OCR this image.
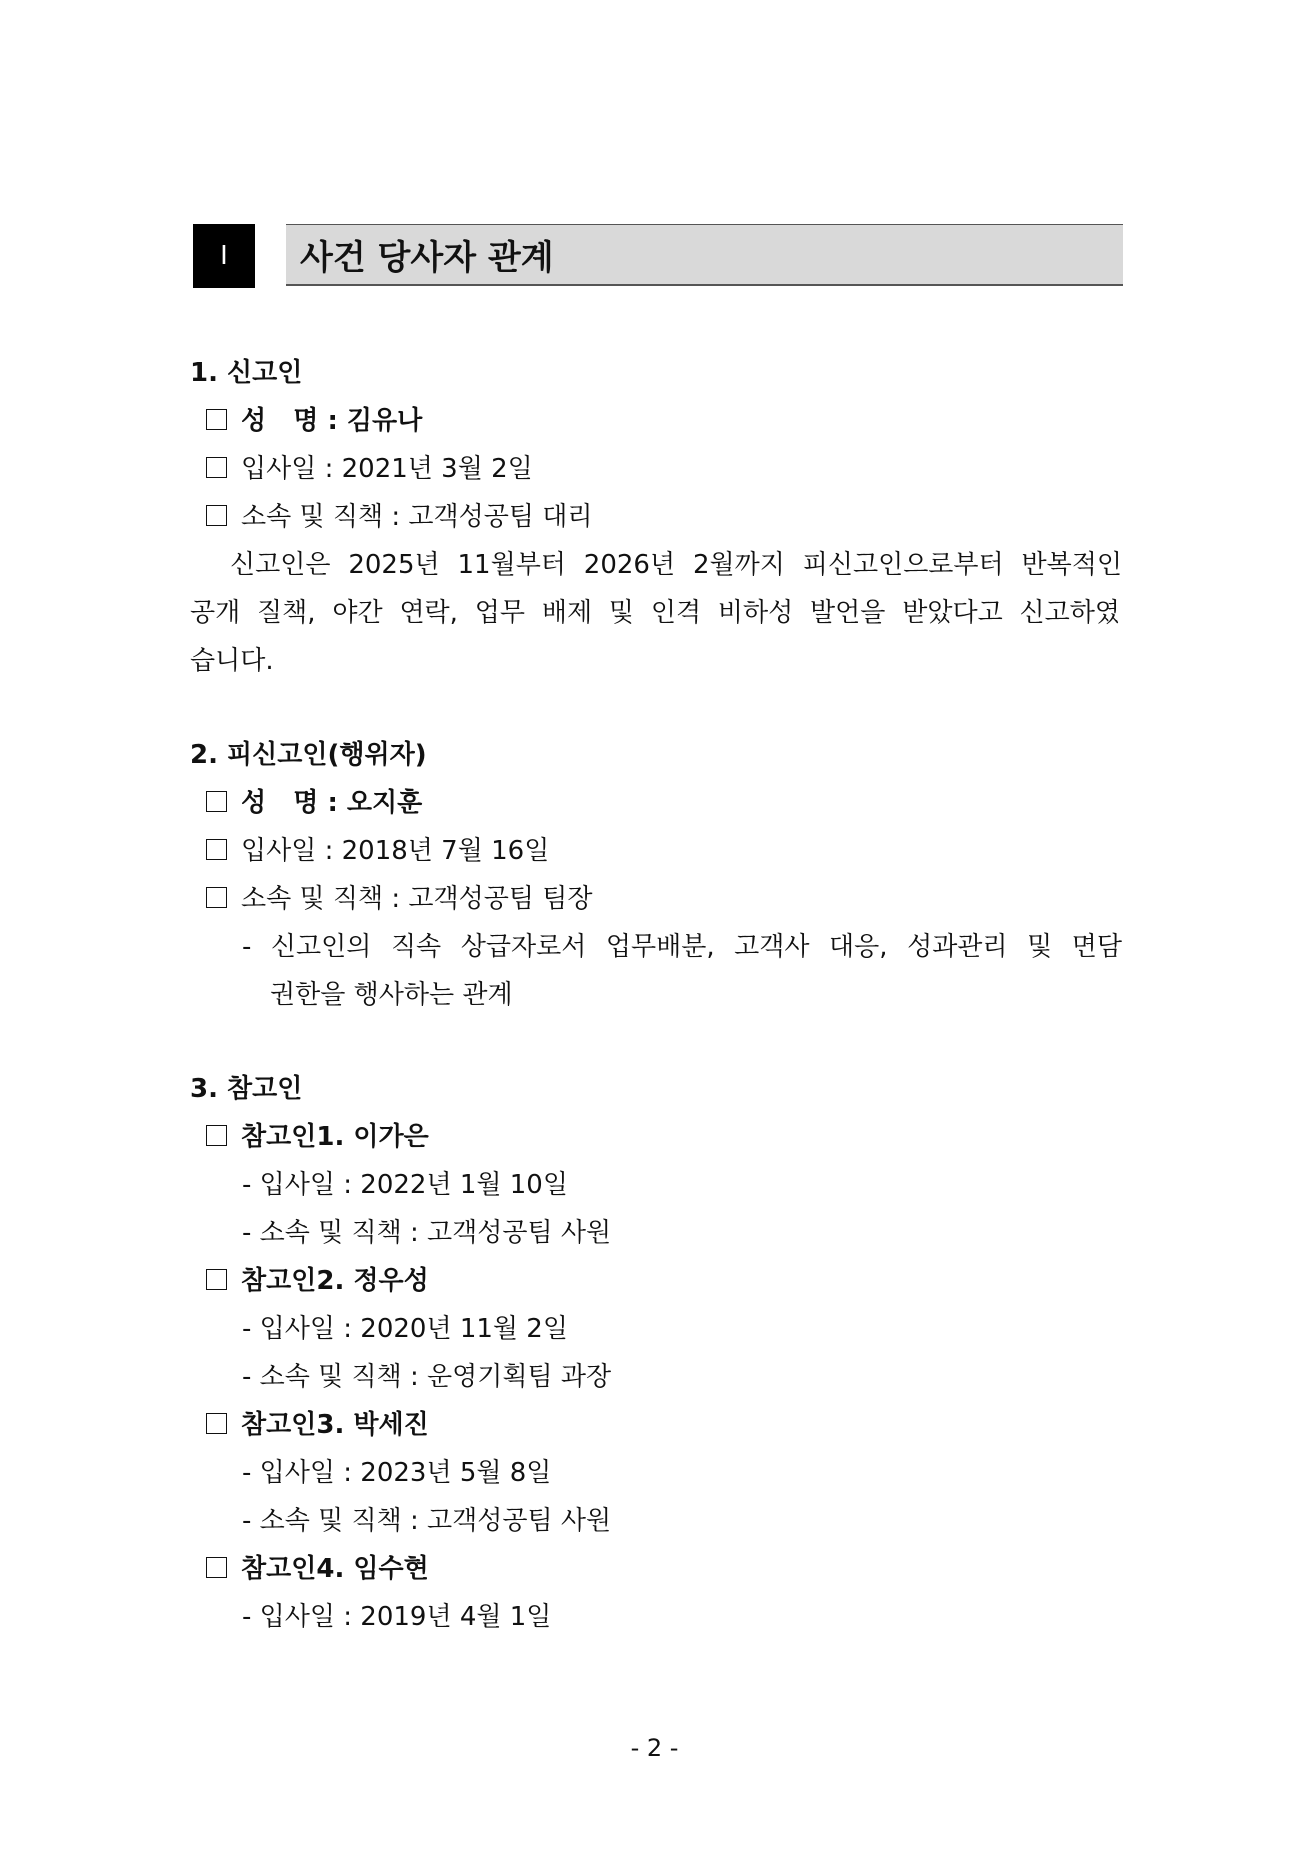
I	사건 당사자 관계
1. 신고인
성   명 : 김유나
입사일 : 2021년 3월 2일
소속 및 직책 : 고객성공팀 대리
신고인은 2025년 11월부터 2026년 2월까지 피신고인으로부터 반복적인
공개 질책, 야간 연락, 업무 배제 및 인격 비하성 발언을 받았다고 신고하였
습니다.
2. 피신고인(행위자)
성   명 : 오지훈
입사일 : 2018년 7월 16일
소속 및 직책 : 고객성공팀 팀장
- 신고인의 직속 상급자로서 업무배분, 고객사 대응, 성과관리 및 면담
권한을 행사하는 관계
3. 참고인
참고인1. 이가은
- 입사일 : 2022년 1월 10일
- 소속 및 직책 : 고객성공팀 사원
참고인2. 정우성
- 입사일 : 2020년 11월 2일
- 소속 및 직책 : 운영기획팀 과장
참고인3. 박세진
- 입사일 : 2023년 5월 8일
- 소속 및 직책 : 고객성공팀 사원
참고인4. 임수현
- 입사일 : 2019년 4월 1일
- 2 -
